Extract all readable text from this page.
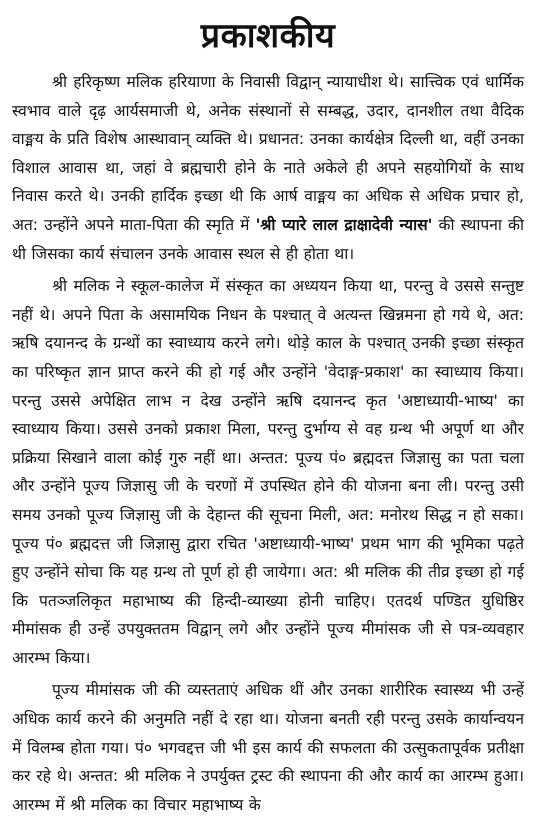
प्रकाशकीय

श्री हरिकृष्ण मलिक हरियाणा के निवासी विद्वान् न्यायाधीश थे। सात्त्विक एवं धार्मिक स्वभाव वाले दृढ़ आर्यसमाजी थे, अनेक संस्थानों से सम्बद्ध, उदार, दानशील तथा वैदिक वाङ्मय के प्रति विशेष आस्थावान् व्यक्ति थे। प्रधानत: उनका कार्यक्षेत्र दिल्ली था, वहीं उनका विशाल आवास था, जहां वे ब्रह्मचारी होने के नाते अकेले ही अपने सहयोगियों के साथ निवास करते थे। उनकी हार्दिक इच्छा थी कि आर्ष वाङ्मय का अधिक से अधिक प्रचार हो, अत: उन्होंने अपने माता-पिता की स्मृति में 'श्री प्यारे लाल द्राक्षादेवी न्यास' की स्थापना की थी जिसका कार्य संचालन उनके आवास स्थल से ही होता था।

श्री मलिक ने स्कूल-कालेज में संस्कृत का अध्ययन किया था, परन्तु वे उससे सन्तुष्ट नहीं थे। अपने पिता के असामयिक निधन के पश्चात् वे अत्यन्त खिन्नमना हो गये थे, अत: ऋषि दयानन्द के ग्रन्थों का स्वाध्याय करने लगे। थोड़े काल के पश्चात् उनकी इच्छा संस्कृत का परिष्कृत ज्ञान प्राप्त करने की हो गई और उन्होंने 'वेदाङ्ग-प्रकाश' का स्वाध्याय किया। परन्तु उससे अपेक्षित लाभ न देख उन्होंने ऋषि दयानन्द कृत 'अष्टाध्यायी-भाष्य' का स्वाध्याय किया। उससे उनको प्रकाश मिला, परन्तु दुर्भाग्य से वह ग्रन्थ भी अपूर्ण था और प्रक्रिया सिखाने वाला कोई गुरु नहीं था। अन्तत: पूज्य पं० ब्रह्मदत्त जिज्ञासु का पता चला और उन्होंने पूज्य जिज्ञासु जी के चरणों में उपस्थित होने की योजना बना ली। परन्तु उसी समय उनको पूज्य जिज्ञासु जी के देहान्त की सूचना मिली, अत: मनोरथ सिद्ध न हो सका। पूज्य पं० ब्रह्मदत्त जी जिज्ञासु द्वारा रचित 'अष्टाध्यायी-भाष्य' प्रथम भाग की भूमिका पढ़ते हुए उन्होंने सोचा कि यह ग्रन्थ तो पूर्ण हो ही जायेगा। अत: श्री मलिक की तीव्र इच्छा हो गई कि पतञ्जलिकृत महाभाष्य की हिन्दी-व्याख्या होनी चाहिए। एतदर्थ पण्डित युधिष्ठिर मीमांसक ही उन्हें उपयुक्ततम विद्वान् लगे और उन्होंने पूज्य मीमांसक जी से पत्र-व्यवहार आरम्भ किया।

पूज्य मीमांसक जी की व्यस्तताएं अधिक थीं और उनका शारीरिक स्वास्थ्य भी उन्हें अधिक कार्य करने की अनुमति नहीं दे रहा था। योजना बनती रही परन्तु उसके कार्यान्वयन में विलम्ब होता गया। पं० भगवद्दत्त जी भी इस कार्य की सफलता की उत्सुकतापूर्वक प्रतीक्षा कर रहे थे। अन्तत: श्री मलिक ने उपर्युक्त ट्रस्ट की स्थापना की और कार्य का आरम्भ हुआ। आरम्भ में श्री मलिक का विचार महाभाष्य के
